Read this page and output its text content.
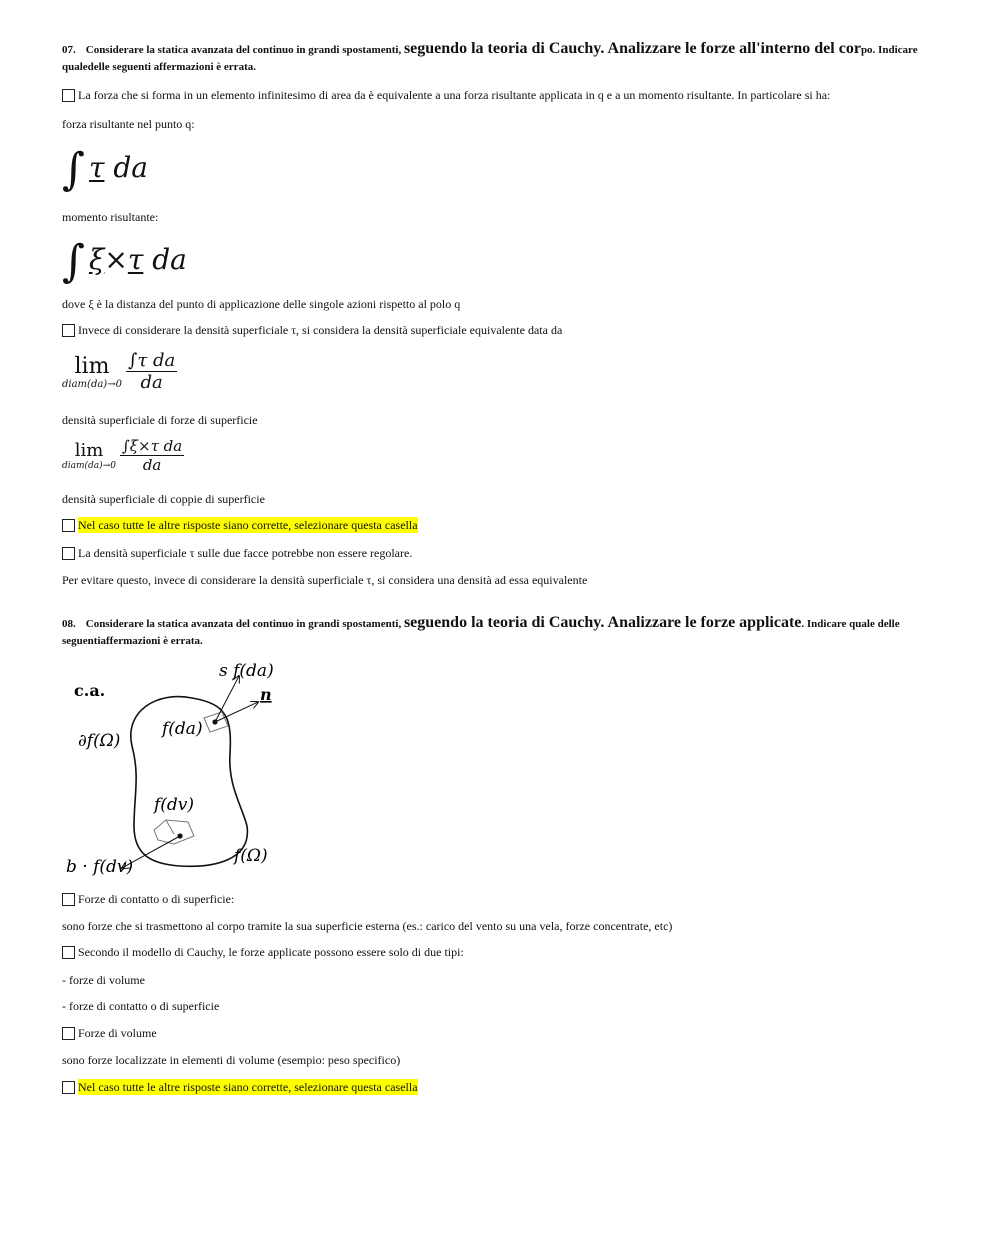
07. Considerare la statica avanzata del continuo in grandi spostamenti, seguendo la teoria di Cauchy. Analizzare le forze all'interno del corpo. Indicare qualedelle seguenti affermazioni è errata.
La forza che si forma in un elemento infinitesimo di area da è equivalente a una forza risultante applicata in q e a un momento risultante. In particolare si ha:
forza risultante nel punto q:
∫ τ da
momento risultante:
∫ ξ×τ da
dove ξ è la distanza del punto di applicazione delle singole azioni rispetto al polo q
Invece di considerare la densità superficiale τ, si considera la densità superficiale equivalente data da
lim
diam(da)→0 $\frac{\text{∫τ da}}{da}$
densità superficiale di forze di superficie
lim
diam(da)→0 $\frac{\text{∫ξ×τ da}}{da}$
densità superficiale di coppie di superficie
Nel caso tutte le altre risposte siano corrette, selezionare questa casella
La densità superficiale τ sulle due facce potrebbe non essere regolare.
Per evitare questo, invece di considerare la densità superficiale τ, si considera una densità ad essa equivalente
08. Considerare la statica avanzata del continuo in grandi spostamenti, seguendo la teoria di Cauchy. Analizzare le forze applicate. Indicare quale delle seguentiaffermazioni è errata.
c.a.
∂f(Ω)
f(da)
s f(da)
n
f(dv)
f(Ω)
b · f(dv)
Forze di contatto o di superficie:
sono forze che si trasmettono al corpo tramite la sua superficie esterna (es.: carico del vento su una vela, forze concentrate, etc)
Secondo il modello di Cauchy, le forze applicate possono essere solo di due tipi:
- forze di volume
- forze di contatto o di superficie
Forze di volume
sono forze localizzate in elementi di volume (esempio: peso specifico)
Nel caso tutte le altre risposte siano corrette, selezionare questa casella
